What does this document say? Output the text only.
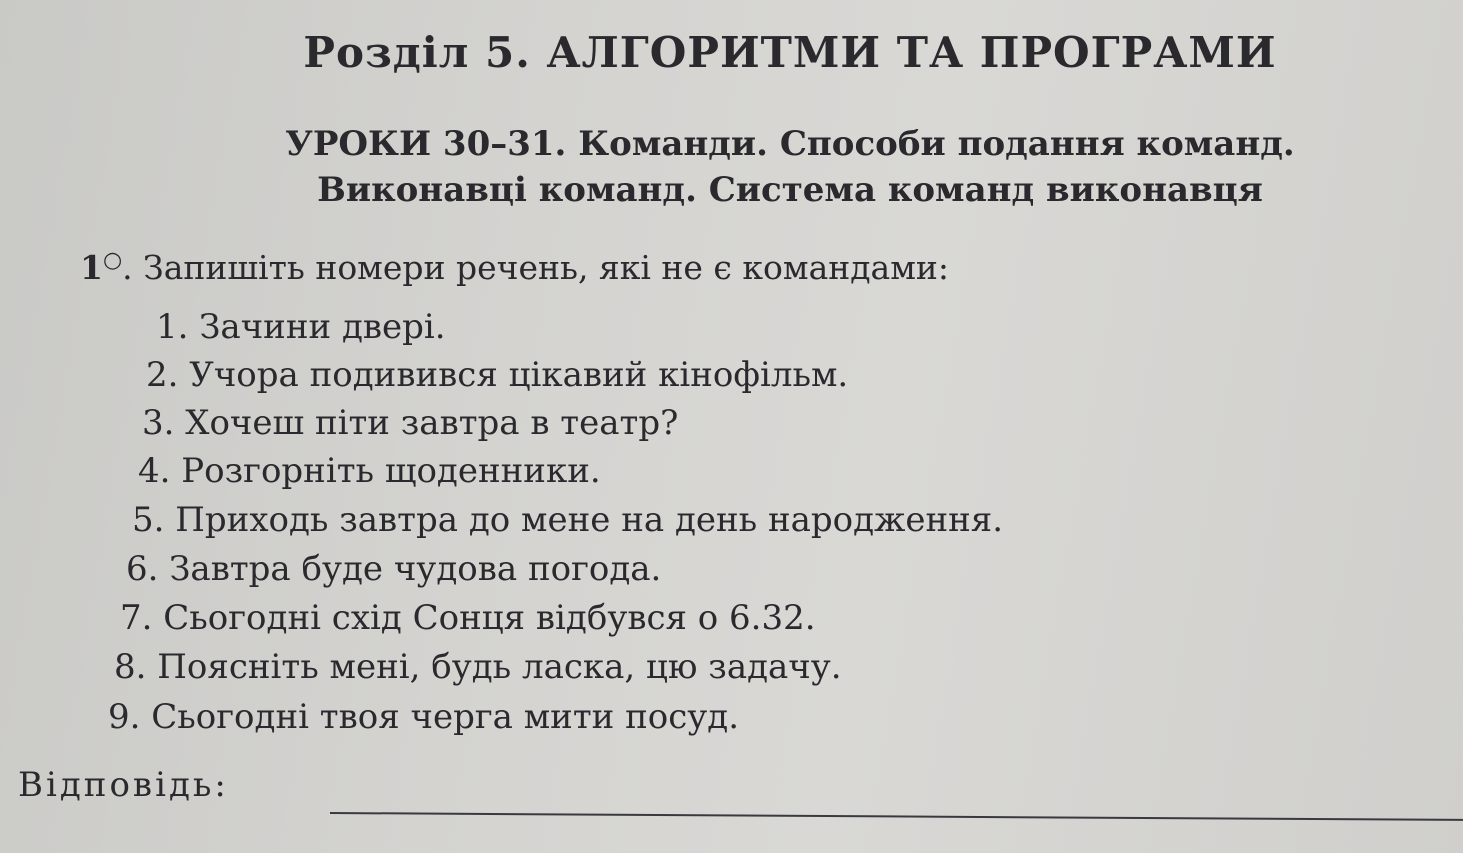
Розділ 5. АЛГОРИТМИ ТА ПРОГРАМИ
УРОКИ 30–31. Команди. Способи подання команд.
Виконавці команд. Система команд виконавця
1○. Запишіть номери речень, які не є командами:
1. Зачини двері.
2. Учора подивився цікавий кінофільм.
3. Хочеш піти завтра в театр?
4. Розгорніть щоденники.
5. Приходь завтра до мене на день народження.
6. Завтра буде чудова погода.
7. Сьогодні схід Сонця відбувся о 6.32.
8. Поясніть мені, будь ласка, цю задачу.
9. Сьогодні твоя черга мити посуд.
Відповідь:
